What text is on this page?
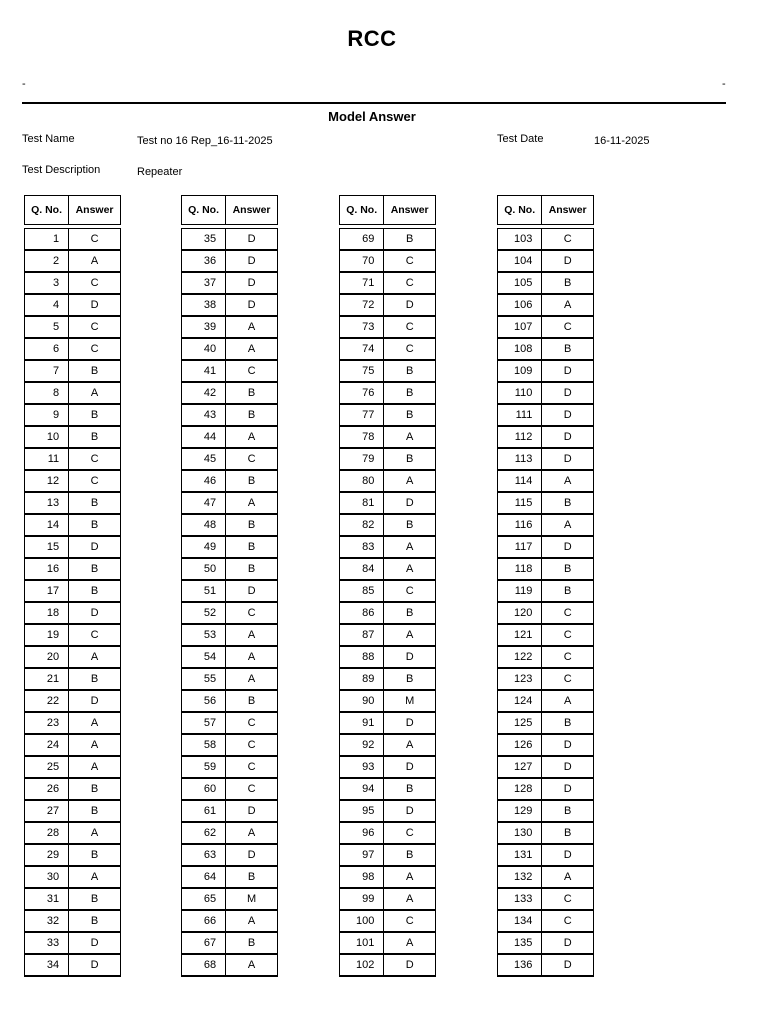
RCC
-	-
Model Answer
Test Name	Test no 16 Rep_16-11-2025	Test Date	16-11-2025
Test Description	Repeater
Q. No.	Answer

1	C
2	A
3	C
4	D
5	C
6	C
7	B
8	A
9	B
10	B
11	C
12	C
13	B
14	B
15	D
16	B
17	B
18	D
19	C
20	A
21	B
22	D
23	A
24	A
25	A
26	B
27	B
28	A
29	B
30	A
31	B
32	B
33	D
34	D
Q. No.	Answer

35	D
36	D
37	D
38	D
39	A
40	A
41	C
42	B
43	B
44	A
45	C
46	B
47	A
48	B
49	B
50	B
51	D
52	C
53	A
54	A
55	A
56	B
57	C
58	C
59	C
60	C
61	D
62	A
63	D
64	B
65	M
66	A
67	B
68	A
Q. No.	Answer

69	B
70	C
71	C
72	D
73	C
74	C
75	B
76	B
77	B
78	A
79	B
80	A
81	D
82	B
83	A
84	A
85	C
86	B
87	A
88	D
89	B
90	M
91	D
92	A
93	D
94	B
95	D
96	C
97	B
98	A
99	A
100	C
101	A
102	D
Q. No.	Answer

103	C
104	D
105	B
106	A
107	C
108	B
109	D
110	D
111	D
112	D
113	D
114	A
115	B
116	A
117	D
118	B
119	B
120	C
121	C
122	C
123	C
124	A
125	B
126	D
127	D
128	D
129	B
130	B
131	D
132	A
133	C
134	C
135	D
136	D
